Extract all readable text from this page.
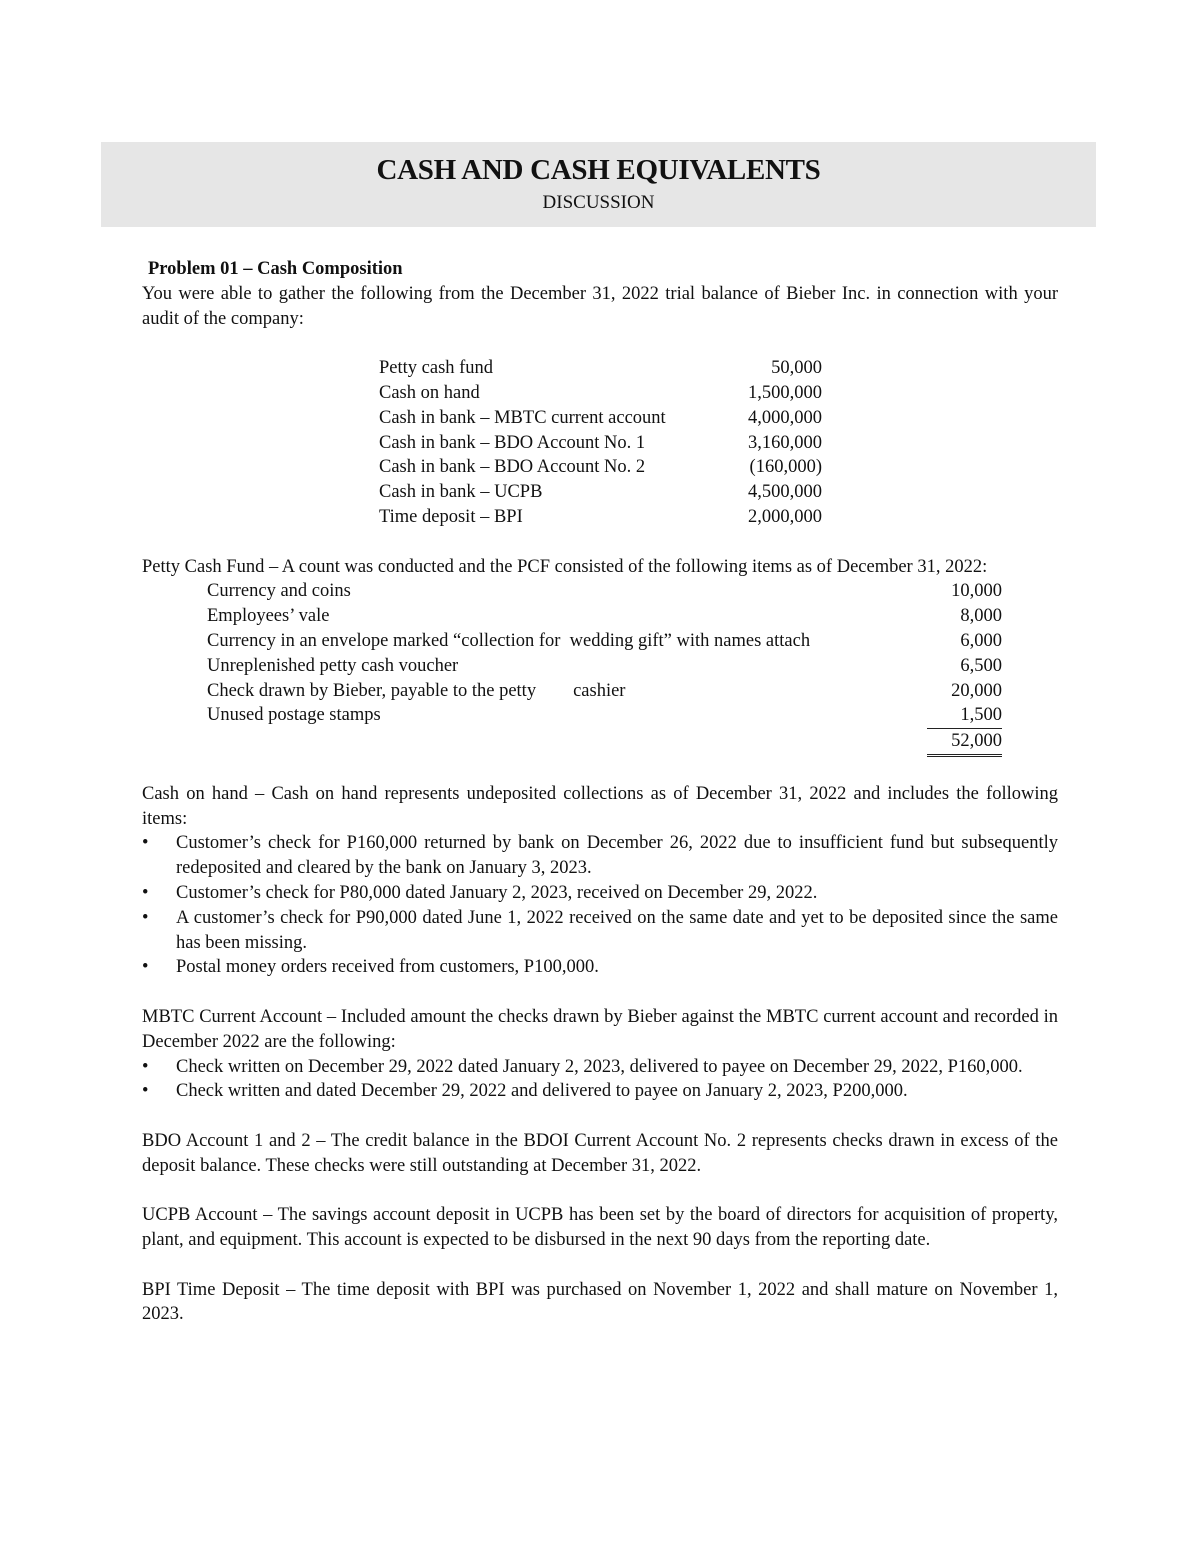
CASH AND CASH EQUIVALENTS
DISCUSSION
Problem 01 – Cash Composition
You were able to gather the following from the December 31, 2022 trial balance of Bieber Inc. in connection with your audit of the company:
Petty cash fund	50,000
Cash on hand	1,500,000
Cash in bank – MBTC current account	4,000,000
Cash in bank – BDO Account No. 1	3,160,000
Cash in bank – BDO Account No. 2	(160,000)
Cash in bank – UCPB	4,500,000
Time deposit – BPI	2,000,000
Petty Cash Fund – A count was conducted and the PCF consisted of the following items as of December 31, 2022:
Currency and coins	10,000
Employees’ vale	8,000
Currency in an envelope marked “collection for  wedding gift” with names attach	6,000
Unreplenished petty cash voucher	6,500
Check drawn by Bieber, payable to the petty        cashier	20,000
Unused postage stamps	1,500
	52,000
Cash on hand – Cash on hand represents undeposited collections as of December 31, 2022 and includes the following items:
• Customer’s check for P160,000 returned by bank on December 26, 2022 due to insufficient fund but subsequently redeposited and cleared by the bank on January 3, 2023.
• Customer’s check for P80,000 dated January 2, 2023, received on December 29, 2022.
• A customer’s check for P90,000 dated June 1, 2022 received on the same date and yet to be deposited since the same has been missing.
• Postal money orders received from customers, P100,000.
MBTC Current Account – Included amount the checks drawn by Bieber against the MBTC current account and recorded in December 2022 are the following:
• Check written on December 29, 2022 dated January 2, 2023, delivered to payee on December 29, 2022, P160,000.
• Check written and dated December 29, 2022 and delivered to payee on January 2, 2023, P200,000.
BDO Account 1 and 2 – The credit balance in the BDOI Current Account No. 2 represents checks drawn in excess of the deposit balance. These checks were still outstanding at December 31, 2022.
UCPB Account – The savings account deposit in UCPB has been set by the board of directors for acquisition of property, plant, and equipment. This account is expected to be disbursed in the next 90 days from the reporting date.
BPI Time Deposit – The time deposit with BPI was purchased on November 1, 2022 and shall mature on November 1, 2023.
